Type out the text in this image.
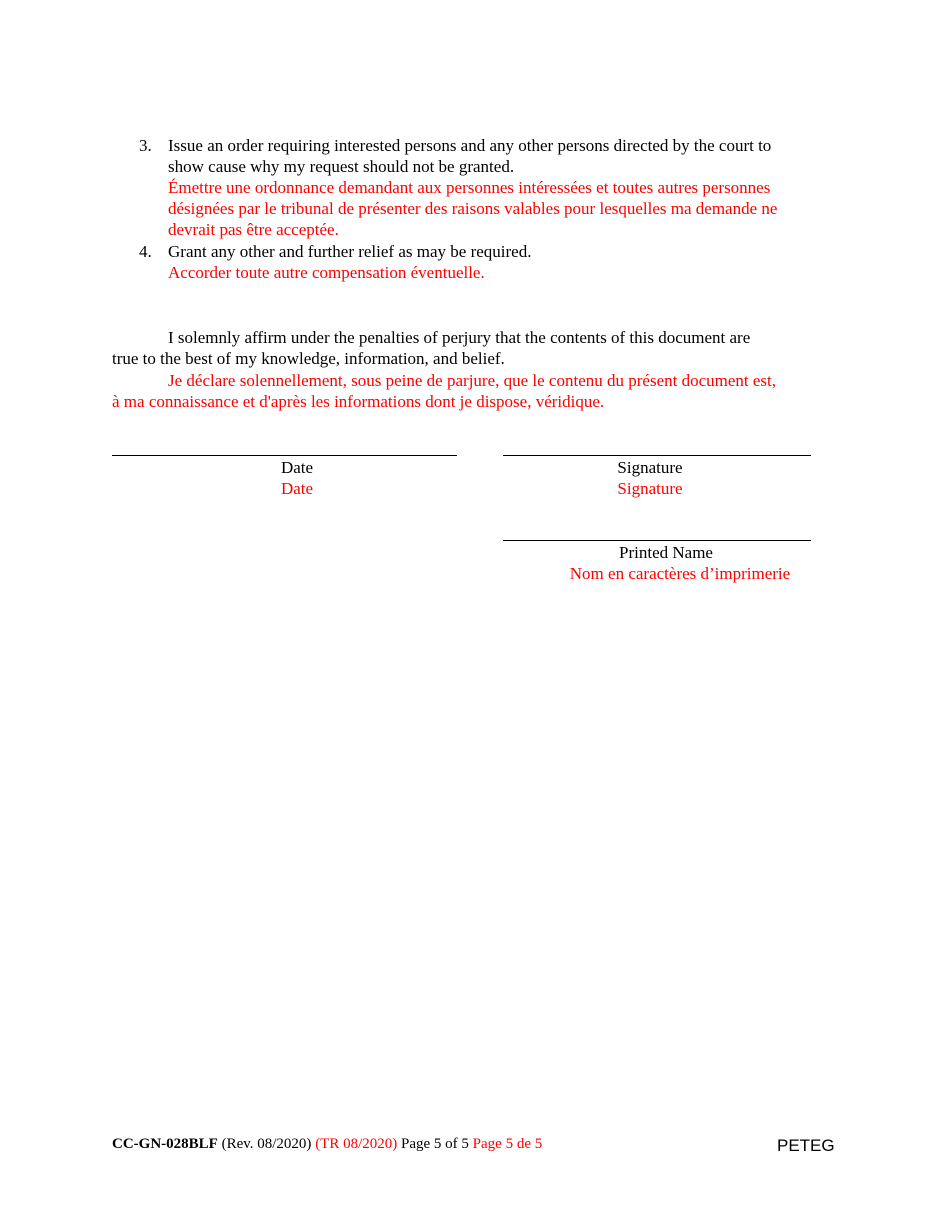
3. Issue an order requiring interested persons and any other persons directed by the court to
show cause why my request should not be granted.
Émettre une ordonnance demandant aux personnes intéressées et toutes autres personnes
désignées par le tribunal de présenter des raisons valables pour lesquelles ma demande ne
devrait pas être acceptée.
4. Grant any other and further relief as may be required.
Accorder toute autre compensation éventuelle.
I solemnly affirm under the penalties of perjury that the contents of this document are
true to the best of my knowledge, information, and belief.
Je déclare solennellement, sous peine de parjure, que le contenu du présent document est,
à ma connaissance et d'après les informations dont je dispose, véridique.
Date
Date
Signature
Signature
Printed Name
Nom en caractères d’imprimerie
CC-GN-028BLF (Rev. 08/2020) (TR 08/2020) Page 5 of 5 Page 5 de 5	PETEG
